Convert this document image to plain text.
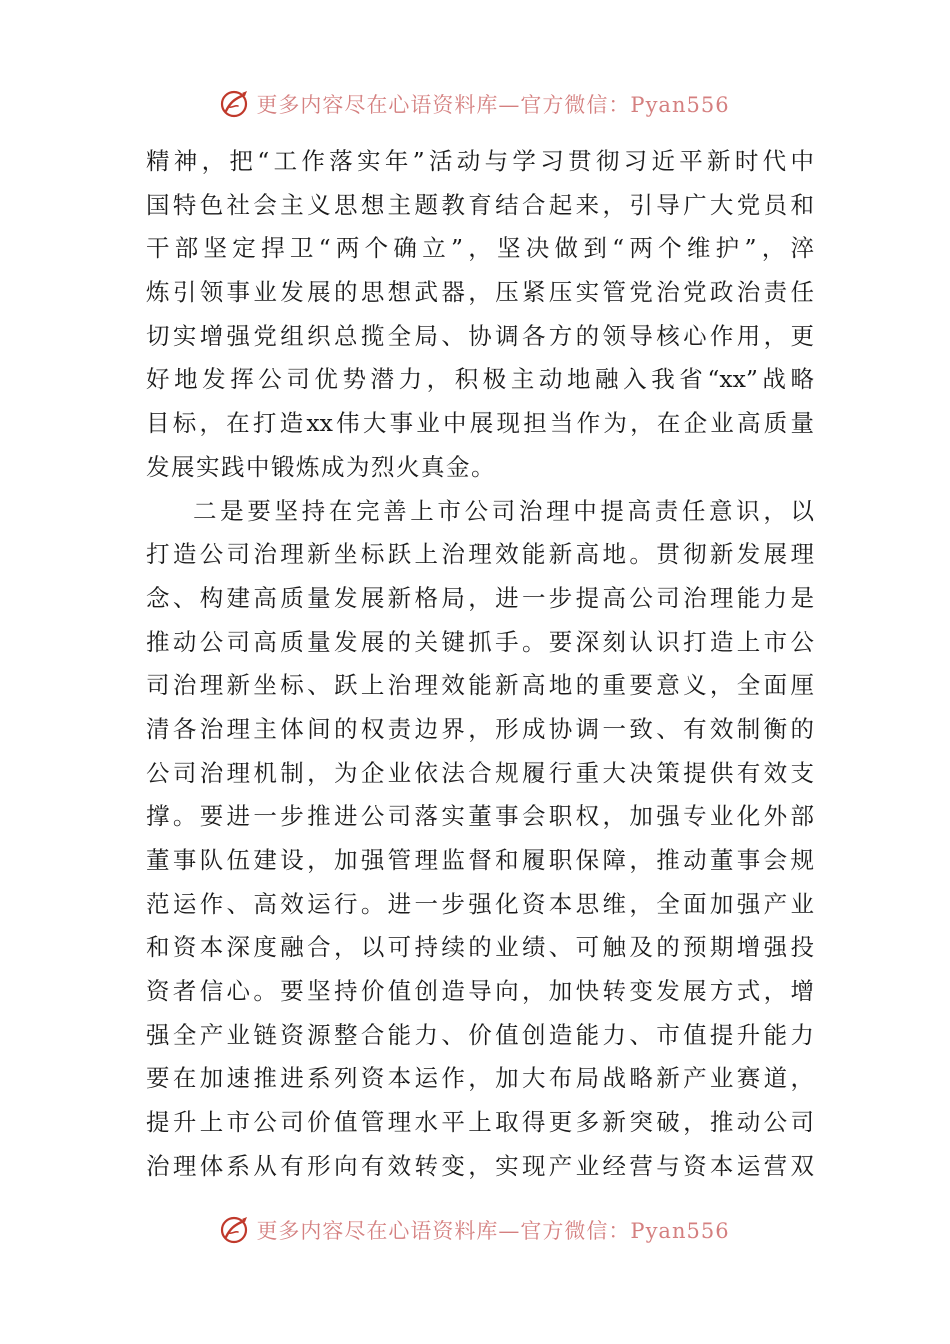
更多内容尽在心语资料库—官方微信：Pyan556
精神，把“工作落实年”活动与学习贯彻习近平新时代中
国特色社会主义思想主题教育结合起来，引导广大党员和
干部坚定捍卫“两个确立”，坚决做到“两个维护”，淬
炼引领事业发展的思想武器，压紧压实管党治党政治责任
切实增强党组织总揽全局、协调各方的领导核心作用，更
好地发挥公司优势潜力，积极主动地融入我省“xx”战略
目标，在打造xx伟大事业中展现担当作为，在企业高质量
发展实践中锻炼成为烈火真金。
二是要坚持在完善上市公司治理中提高责任意识，以
打造公司治理新坐标跃上治理效能新高地。贯彻新发展理
念、构建高质量发展新格局，进一步提高公司治理能力是
推动公司高质量发展的关键抓手。要深刻认识打造上市公
司治理新坐标、跃上治理效能新高地的重要意义，全面厘
清各治理主体间的权责边界，形成协调一致、有效制衡的
公司治理机制，为企业依法合规履行重大决策提供有效支
撑。要进一步推进公司落实董事会职权，加强专业化外部
董事队伍建设，加强管理监督和履职保障，推动董事会规
范运作、高效运行。进一步强化资本思维，全面加强产业
和资本深度融合，以可持续的业绩、可触及的预期增强投
资者信心。要坚持价值创造导向，加快转变发展方式，增
强全产业链资源整合能力、价值创造能力、市值提升能力
要在加速推进系列资本运作，加大布局战略新产业赛道，
提升上市公司价值管理水平上取得更多新突破，推动公司
治理体系从有形向有效转变，实现产业经营与资本运营双
更多内容尽在心语资料库—官方微信：Pyan556
